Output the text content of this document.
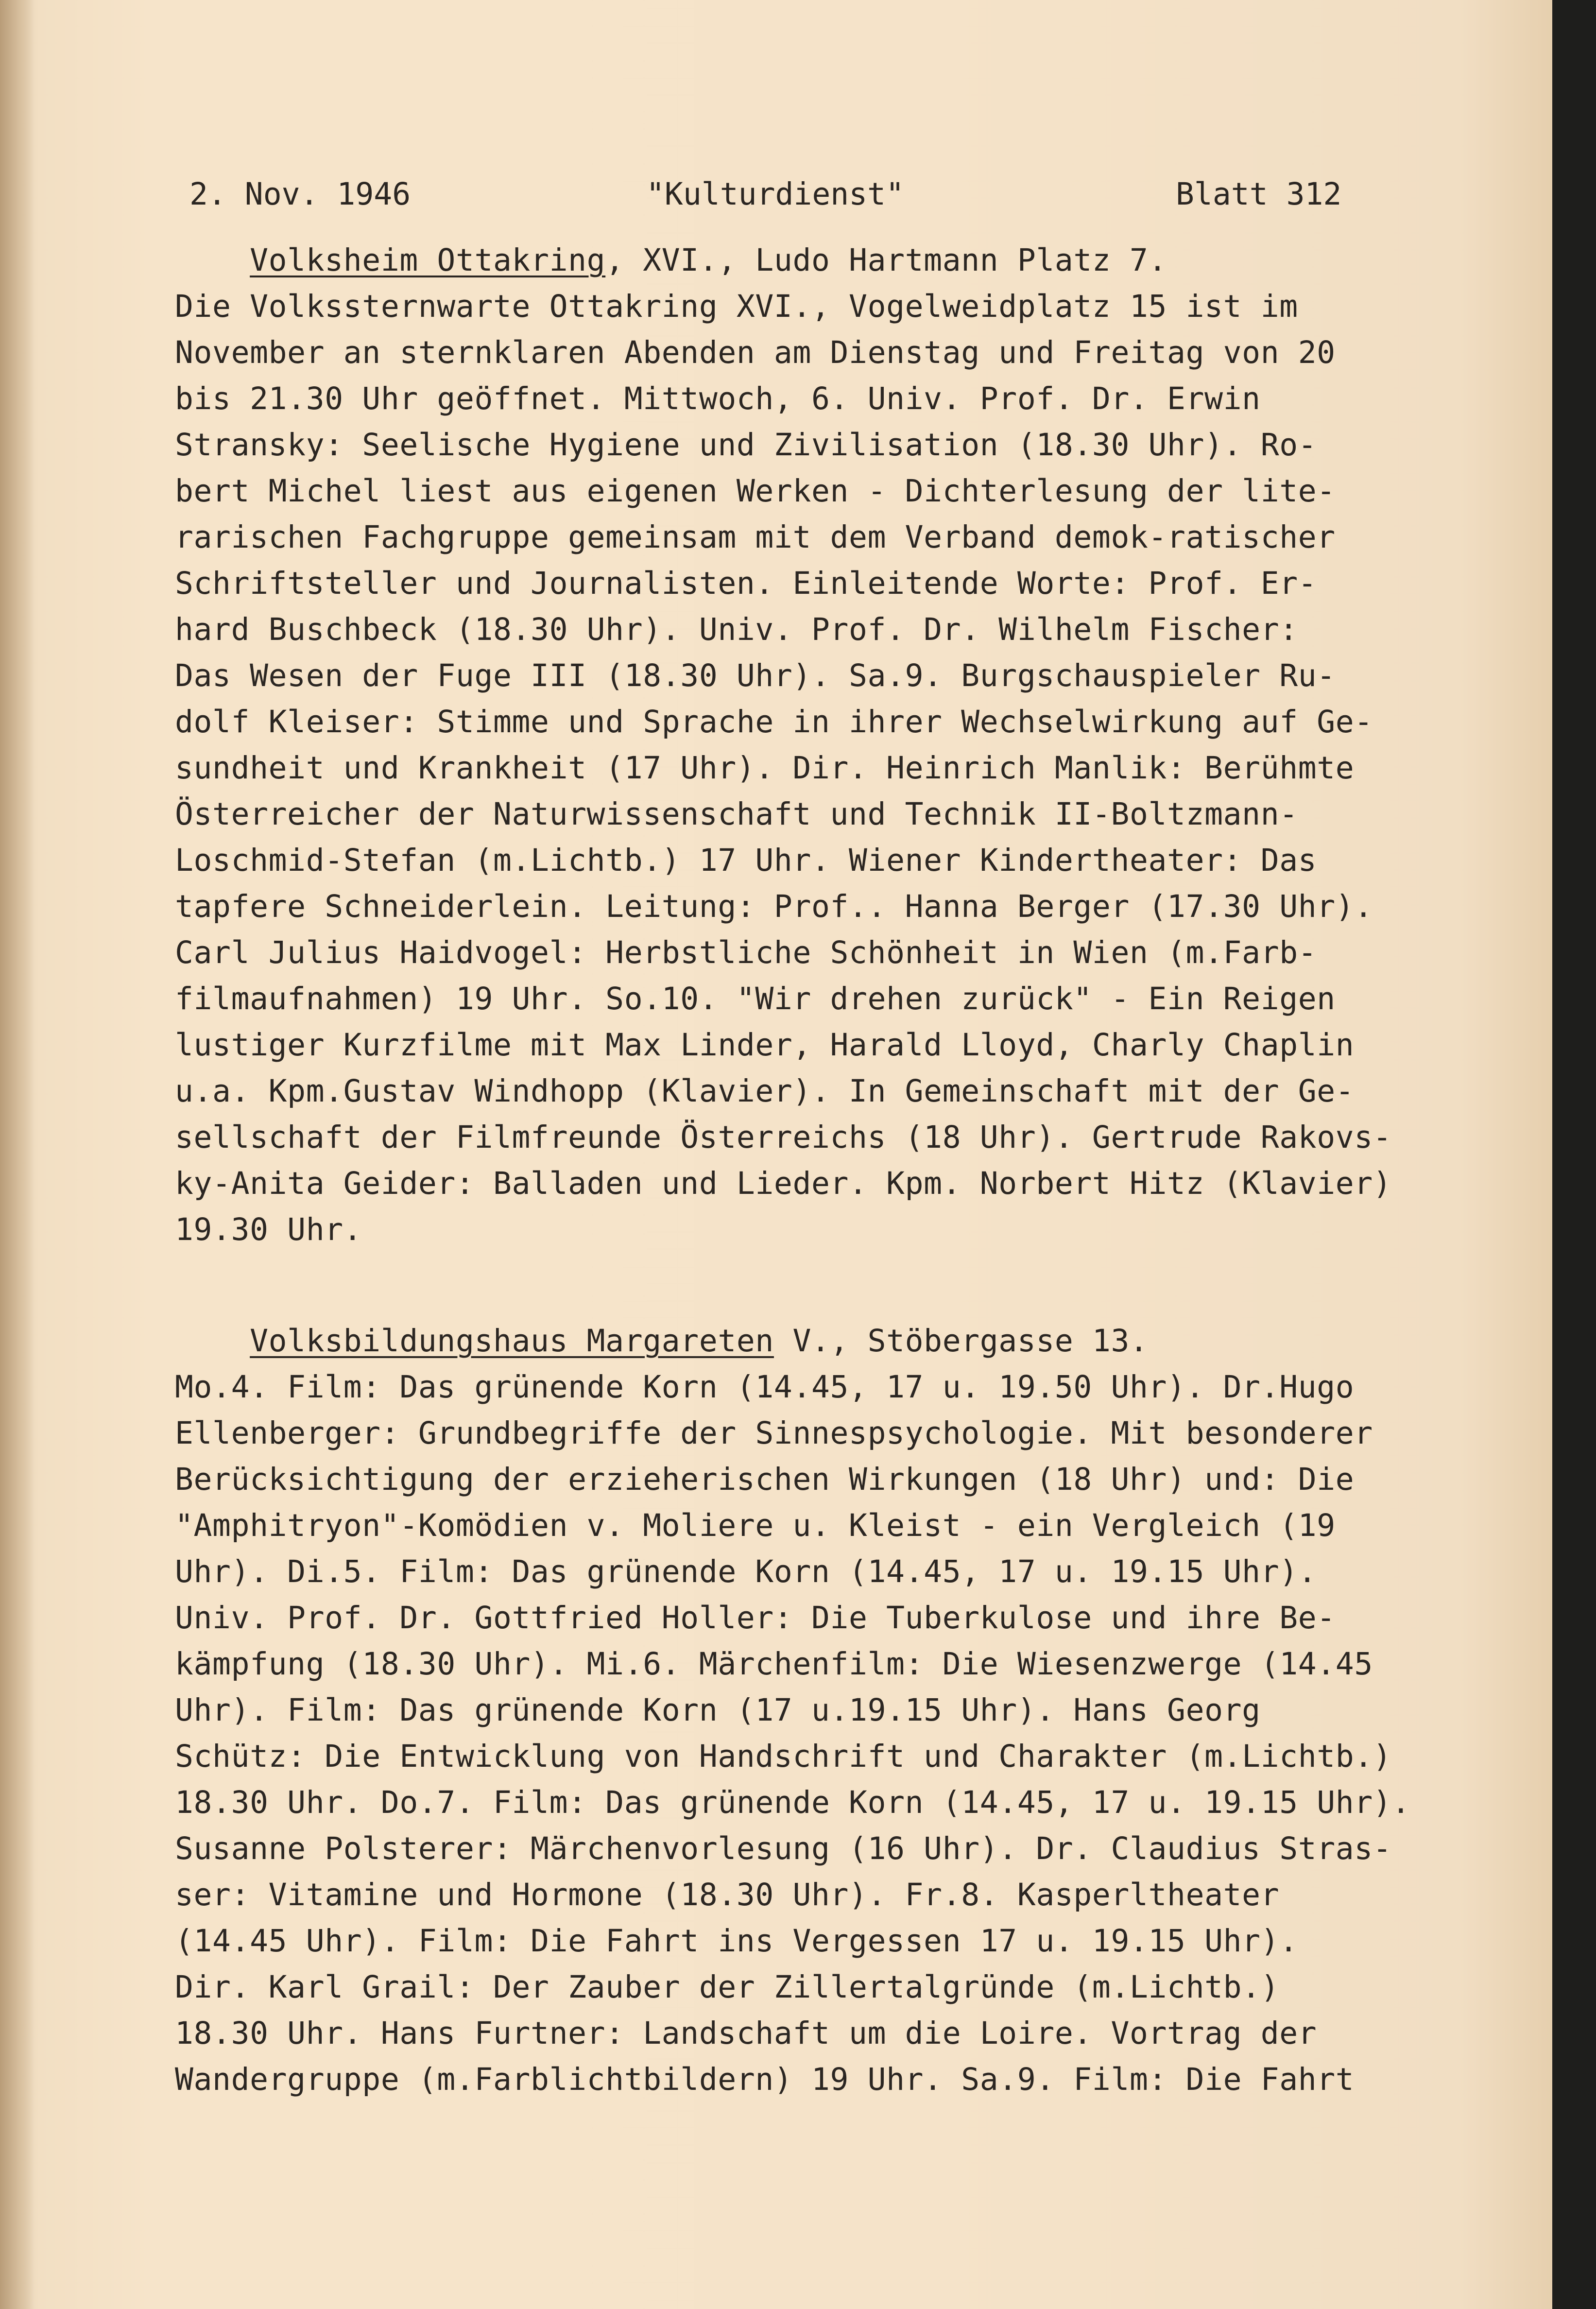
2. Nov. 1946

	"Kulturdienst"

	Blatt 312

Volksheim Ottakring, XVI., Ludo Hartmann Platz 7.
Die Volkssternwarte Ottakring XVI., Vogelweidplatz 15 ist im
November an sternklaren Abenden am Dienstag und Freitag von 20
bis 21.30 Uhr geöffnet. Mittwoch, 6. Univ. Prof. Dr. Erwin
Stransky: Seelische Hygiene und Zivilisation (18.30 Uhr). Ro-
bert Michel liest aus eigenen Werken - Dichterlesung der lite-
rarischen Fachgruppe gemeinsam mit dem Verband demok-ratischer
Schriftsteller und Journalisten. Einleitende Worte: Prof. Er-
hard Buschbeck (18.30 Uhr). Univ. Prof. Dr. Wilhelm Fischer:
Das Wesen der Fuge III (18.30 Uhr). Sa.9. Burgschauspieler Ru-
dolf Kleiser: Stimme und Sprache in ihrer Wechselwirkung auf Ge-
sundheit und Krankheit (17 Uhr). Dir. Heinrich Manlik: Berühmte
Österreicher der Naturwissenschaft und Technik II-Boltzmann-
Loschmid-Stefan (m.Lichtb.) 17 Uhr. Wiener Kindertheater: Das
tapfere Schneiderlein. Leitung: Prof.. Hanna Berger (17.30 Uhr).
Carl Julius Haidvogel: Herbstliche Schönheit in Wien (m.Farb-
filmaufnahmen) 19 Uhr. So.10. "Wir drehen zurück" - Ein Reigen
lustiger Kurzfilme mit Max Linder, Harald Lloyd, Charly Chaplin
u.a. Kpm.Gustav Windhopp (Klavier). In Gemeinschaft mit der Ge-
sellschaft der Filmfreunde Österreichs (18 Uhr). Gertrude Rakovs-
ky-Anita Geider: Balladen und Lieder. Kpm. Norbert Hitz (Klavier)
19.30 Uhr.
Volksbildungshaus Margareten V., Stöbergasse 13.
Mo.4. Film: Das grünende Korn (14.45, 17 u. 19.50 Uhr). Dr.Hugo
Ellenberger: Grundbegriffe der Sinnespsychologie. Mit besonderer
Berücksichtigung der erzieherischen Wirkungen (18 Uhr) und: Die
"Amphitryon"-Komödien v. Moliere u. Kleist - ein Vergleich (19
Uhr). Di.5. Film: Das grünende Korn (14.45, 17 u. 19.15 Uhr).
Univ. Prof. Dr. Gottfried Holler: Die Tuberkulose und ihre Be-
kämpfung (18.30 Uhr). Mi.6. Märchenfilm: Die Wiesenzwerge (14.45
Uhr). Film: Das grünende Korn (17 u.19.15 Uhr). Hans Georg
Schütz: Die Entwicklung von Handschrift und Charakter (m.Lichtb.)
18.30 Uhr. Do.7. Film: Das grünende Korn (14.45, 17 u. 19.15 Uhr).
Susanne Polsterer: Märchenvorlesung (16 Uhr). Dr. Claudius Stras-
ser: Vitamine und Hormone (18.30 Uhr). Fr.8. Kasperltheater
(14.45 Uhr). Film: Die Fahrt ins Vergessen 17 u. 19.15 Uhr).
Dir. Karl Grail: Der Zauber der Zillertalgründe (m.Lichtb.)
18.30 Uhr. Hans Furtner: Landschaft um die Loire. Vortrag der
Wandergruppe (m.Farblichtbildern) 19 Uhr. Sa.9. Film: Die Fahrt
